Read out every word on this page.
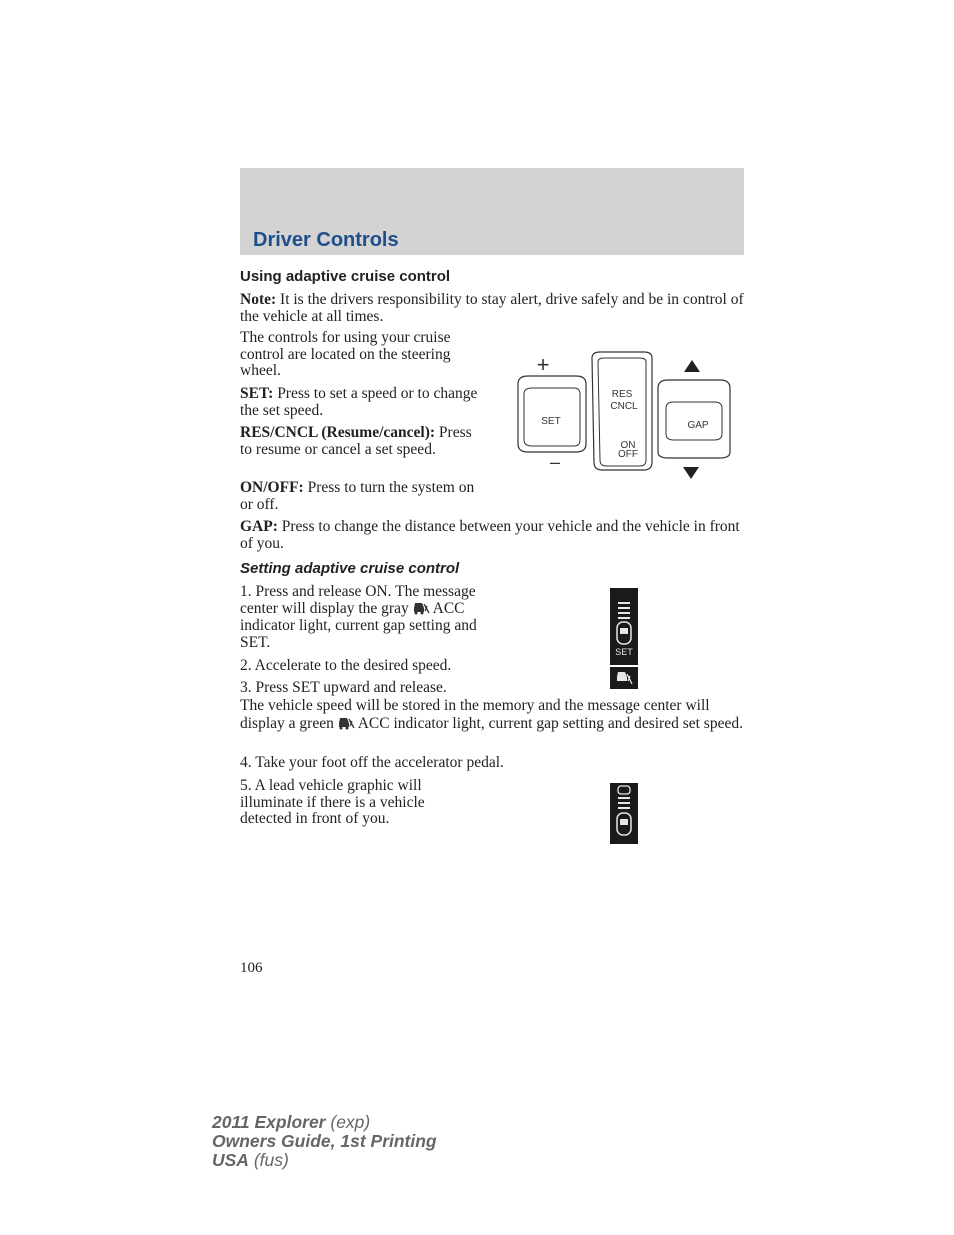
Driver Controls
Using adaptive cruise control
Note: It is the drivers responsibility to stay alert, drive safely and be in control of the vehicle at all times.
The controls for using your cruise control are located on the steering wheel.
SET: Press to set a speed or to change the set speed.
RES/CNCL (Resume/cancel): Press to resume or cancel a set speed.
ON/OFF: Press to turn the system on or off.
SET
+
–
RES
CNCL
ON
OFF
GAP
GAP: Press to change the distance between your vehicle and the vehicle in front of you.
Setting adaptive cruise control
1. Press and release ON. The message center will display the gray  ACC indicator light, current gap setting and SET.
SET
2. Accelerate to the desired speed.
3. Press SET upward and release.
The vehicle speed will be stored in the memory and the message center will display a green  ACC indicator light, current gap setting and desired set speed.
4. Take your foot off the accelerator pedal.
5. A lead vehicle graphic will illuminate if there is a vehicle detected in front of you.
106
2011 Explorer (exp)
Owners Guide, 1st Printing
USA (fus)
